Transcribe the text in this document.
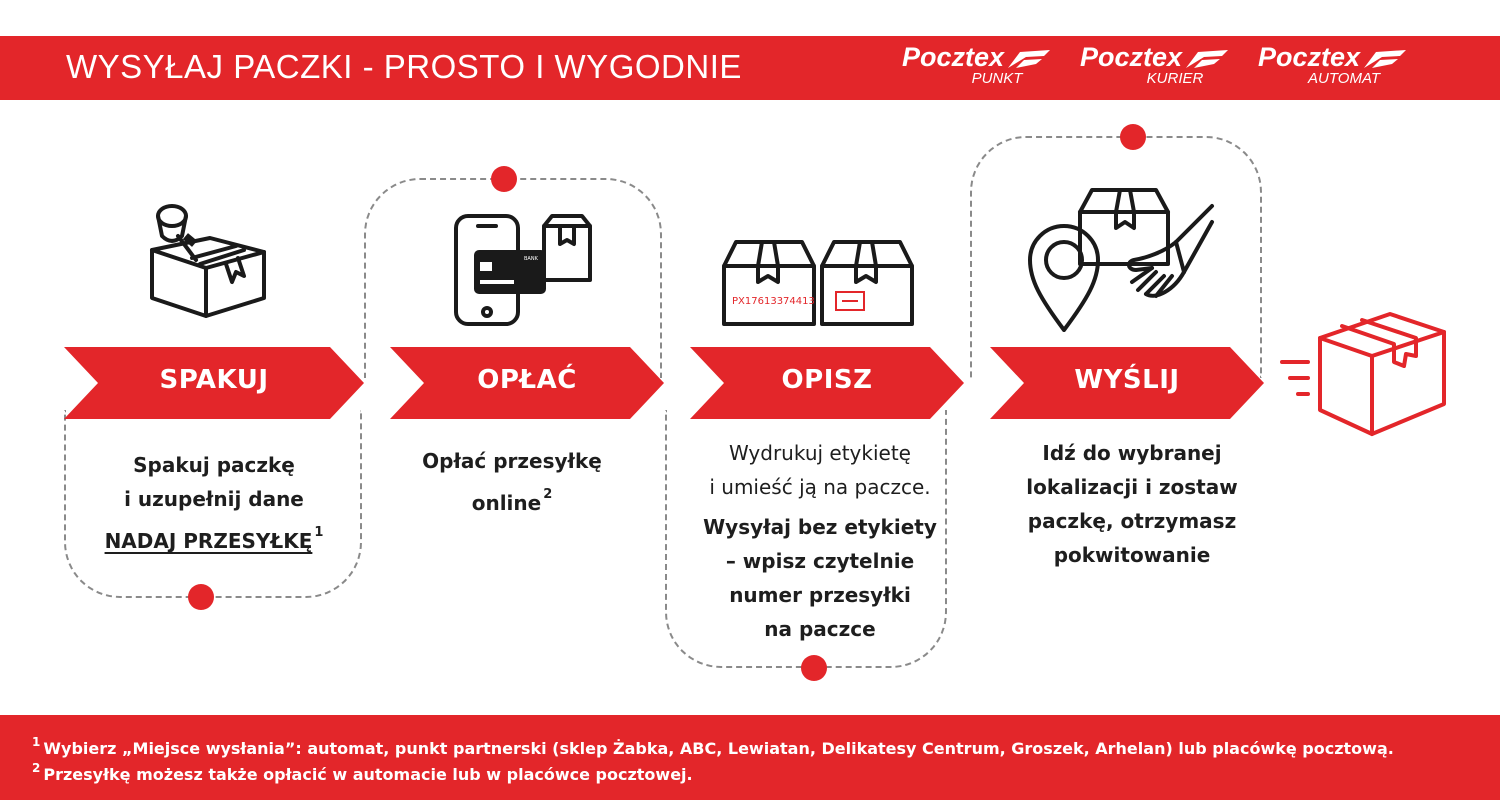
WYSYŁAJ PACZKI - PROSTO I WYGODNIE	Pocztex
PUNKT
Pocztex
KURIER
Pocztex
AUTOMAT
BANK
PX17613374413
SPAKUJ	OPŁAĆ	OPISZ	WYŚLIJ
Spakuj paczkę
i uzupełnij dane
NADAJ PRZESYŁKĘ $^1$
Opłać przesyłkę
online $^2$
Wydrukuj etykietę
i umieść ją na paczce.
Wysyłaj bez etykiety
– wpisz czytelnie
numer przesyłki
na paczce
Idź do wybranej
lokalizacji i zostaw
paczkę, otrzymasz
pokwitowanie
$^1$ Wybierz „Miejsce wysłania”: automat, punkt partnerski (sklep Żabka, ABC, Lewiatan, Delikatesy Centrum, Groszek, Arhelan) lub placówkę pocztową.
$^2$ Przesyłkę możesz także opłacić w automacie lub w placówce pocztowej.
